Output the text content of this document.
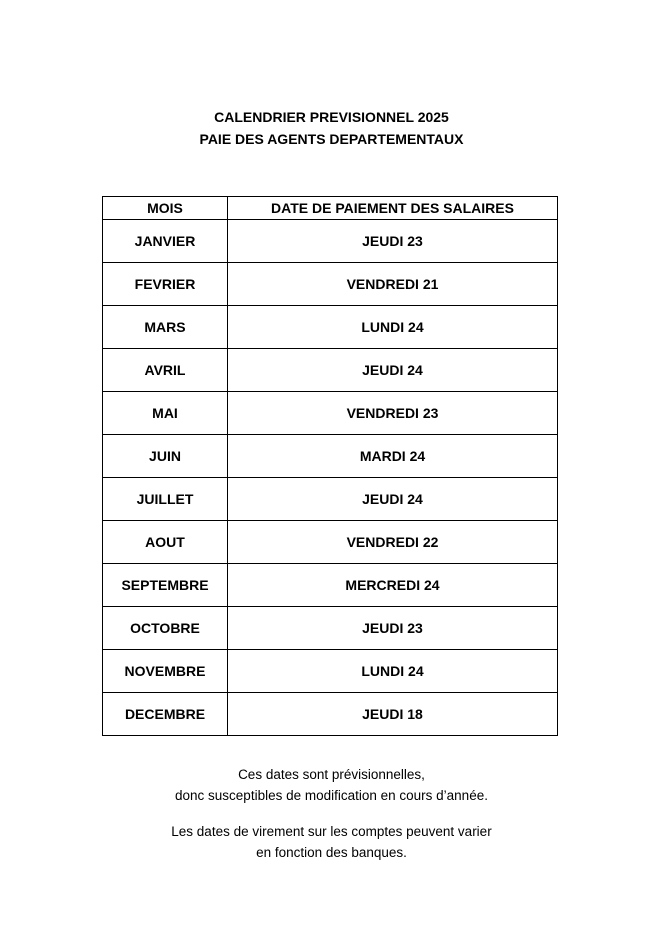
CALENDRIER PREVISIONNEL 2025
PAIE DES AGENTS DEPARTEMENTAUX
MOIS	DATE DE PAIEMENT DES SALAIRES
JANVIER	JEUDI 23
FEVRIER	VENDREDI 21
MARS	LUNDI 24
AVRIL	JEUDI 24
MAI	VENDREDI 23
JUIN	MARDI 24
JUILLET	JEUDI 24
AOUT	VENDREDI 22
SEPTEMBRE	MERCREDI 24
OCTOBRE	JEUDI 23
NOVEMBRE	LUNDI 24
DECEMBRE	JEUDI 18
Ces dates sont prévisionnelles,
donc susceptibles de modification en cours d’année.
Les dates de virement sur les comptes peuvent varier
en fonction des banques.
